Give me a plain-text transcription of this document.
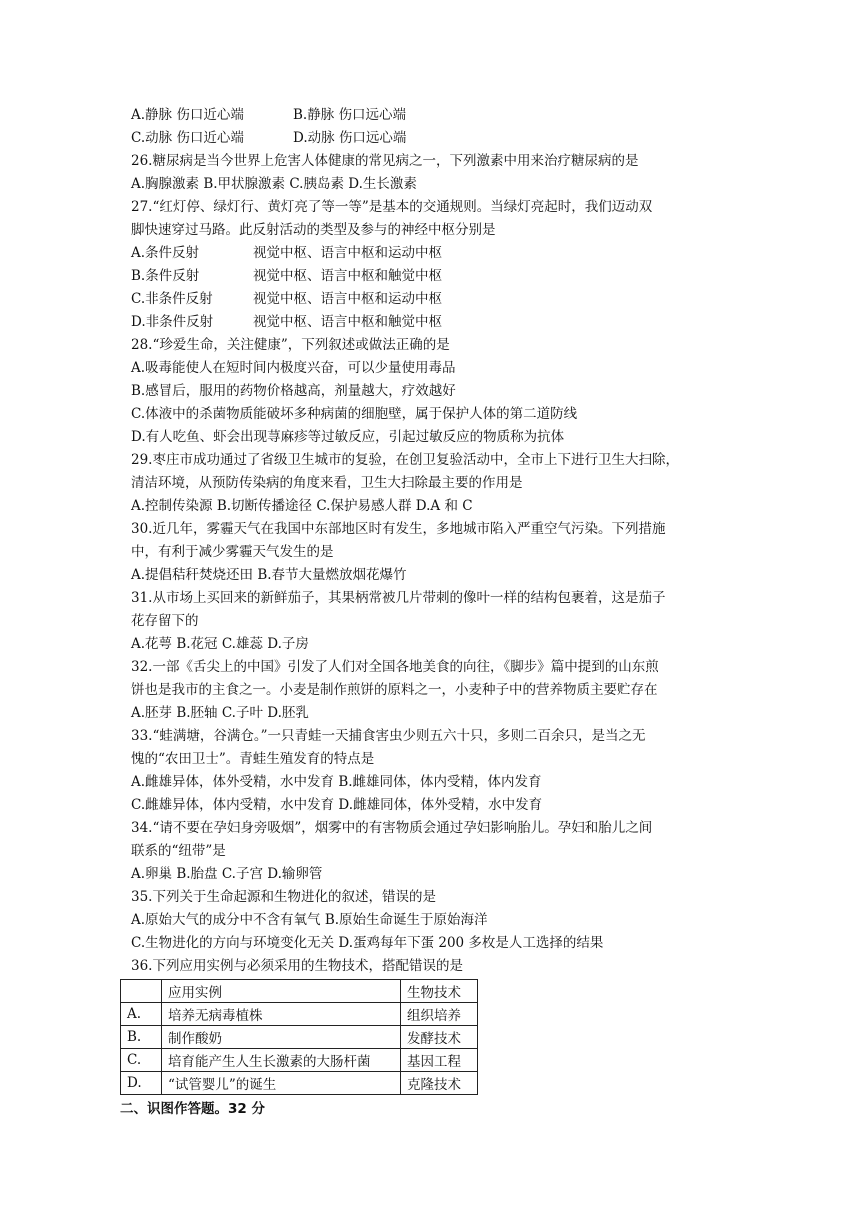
A.静脉 伤口近心端	B.静脉 伤口远心端
C.动脉 伤口近心端	D.动脉 伤口远心端
26.糖尿病是当今世界上危害人体健康的常见病之一，下列激素中用来治疗糖尿病的是
A.胸腺激素 B.甲状腺激素 C.胰岛素 D.生长激素
27.“红灯停、绿灯行、黄灯亮了等一等”是基本的交通规则。当绿灯亮起时，我们迈动双
脚快速穿过马路。此反射活动的类型及参与的神经中枢分别是
A.条件反射	视觉中枢、语言中枢和运动中枢
B.条件反射	视觉中枢、语言中枢和触觉中枢
C.非条件反射	视觉中枢、语言中枢和运动中枢
D.非条件反射	视觉中枢、语言中枢和触觉中枢
28.“珍爱生命，关注健康”，下列叙述或做法正确的是
A.吸毒能使人在短时间内极度兴奋，可以少量使用毒品
B.感冒后，服用的药物价格越高，剂量越大，疗效越好
C.体液中的杀菌物质能破坏多种病菌的细胞壁，属于保护人体的第二道防线
D.有人吃鱼、虾会出现荨麻疹等过敏反应，引起过敏反应的物质称为抗体
29.枣庄市成功通过了省级卫生城市的复验，在创卫复验活动中，全市上下进行卫生大扫除，
清洁环境，从预防传染病的角度来看，卫生大扫除最主要的作用是
A.控制传染源 B.切断传播途径 C.保护易感人群 D.A 和 C
30.近几年，雾霾天气在我国中东部地区时有发生，多地城市陷入严重空气污染。下列措施
中，有利于减少雾霾天气发生的是
A.提倡秸秆焚烧还田 B.春节大量燃放烟花爆竹
31.从市场上买回来的新鲜茄子，其果柄常被几片带刺的像叶一样的结构包裹着，这是茄子
花存留下的
A.花萼 B.花冠 C.雄蕊 D.子房
32.一部《舌尖上的中国》引发了人们对全国各地美食的向往，《脚步》篇中提到的山东煎
饼也是我市的主食之一。小麦是制作煎饼的原料之一，小麦种子中的营养物质主要贮存在
A.胚芽 B.胚轴 C.子叶 D.胚乳
33.“蛙满塘，谷满仓。”一只青蛙一天捕食害虫少则五六十只，多则二百余只，是当之无
愧的“农田卫士”。青蛙生殖发育的特点是
A.雌雄异体，体外受精，水中发育 B.雌雄同体，体内受精，体内发育
C.雌雄异体，体内受精，水中发育 D.雌雄同体，体外受精，水中发育
34.“请不要在孕妇身旁吸烟”，烟雾中的有害物质会通过孕妇影响胎儿。孕妇和胎儿之间
联系的“纽带”是
A.卵巢 B.胎盘 C.子宫 D.输卵管
35.下列关于生命起源和生物进化的叙述，错误的是
A.原始大气的成分中不含有氧气 B.原始生命诞生于原始海洋
C.生物进化的方向与环境变化无关 D.蛋鸡每年下蛋 200 多枚是人工选择的结果
36.下列应用实例与必须采用的生物技术，搭配错误的是
	应用实例	生物技术
A.	培养无病毒植株	组织培养
B.	制作酸奶	发酵技术
C.	培育能产生人生长激素的大肠杆菌	基因工程
D.	“试管婴儿”的诞生	克隆技术
二、识图作答题。32 分
